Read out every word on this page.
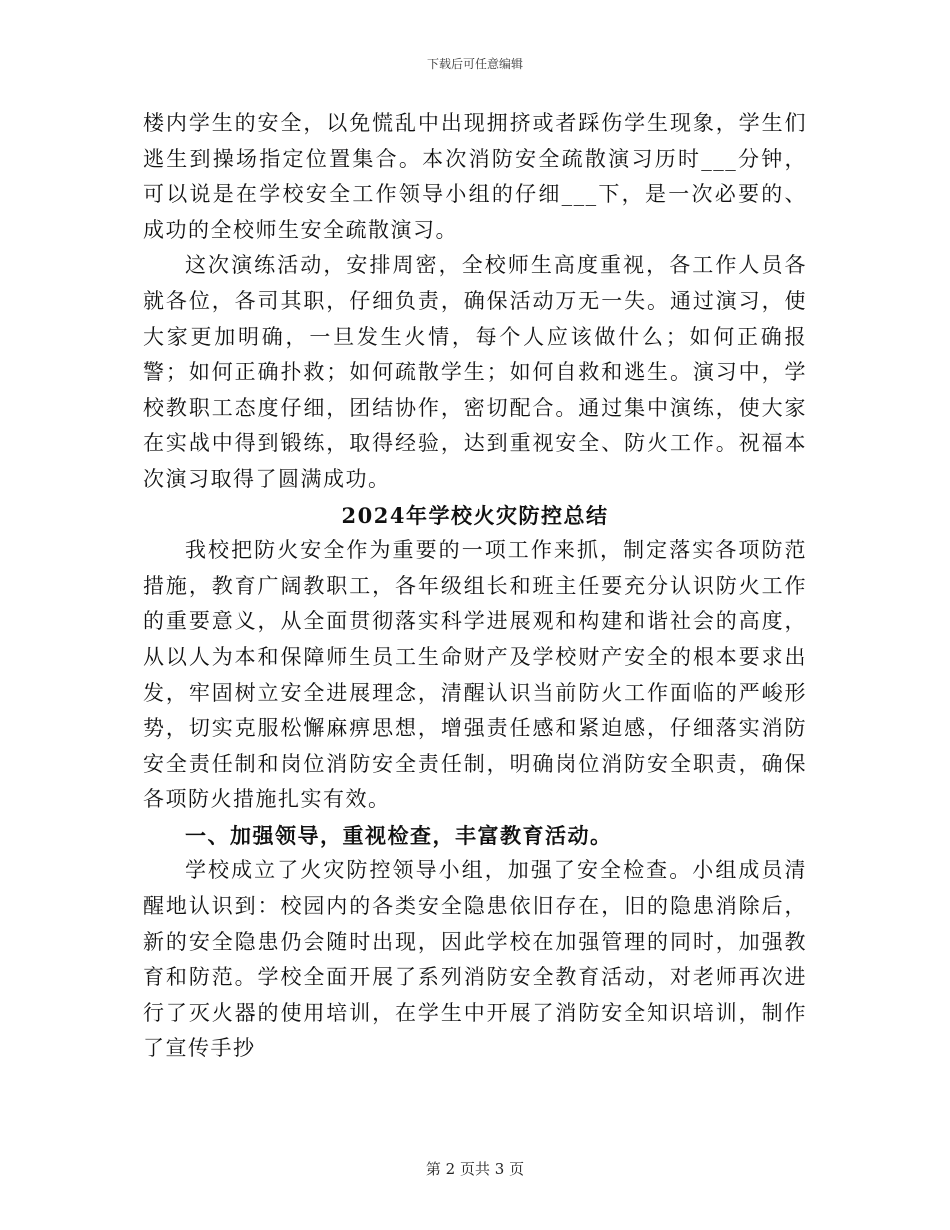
下载后可任意编辑

楼内学生的安全，以免慌乱中出现拥挤或者踩伤学生现象，学生们逃生到操场指定位置集合。本次消防安全疏散演习历时___分钟，可以说是在学校安全工作领导小组的仔细___下，是一次必要的、成功的全校师生安全疏散演习。

这次演练活动，安排周密，全校师生高度重视，各工作人员各就各位，各司其职，仔细负责，确保活动万无一失。通过演习，使大家更加明确，一旦发生火情，每个人应该做什么；如何正确报警；如何正确扑救；如何疏散学生；如何自救和逃生。演习中，学校教职工态度仔细，团结协作，密切配合。通过集中演练，使大家在实战中得到锻练，取得经验，达到重视安全、防火工作。祝福本次演习取得了圆满成功。

2024年学校火灾防控总结

我校把防火安全作为重要的一项工作来抓，制定落实各项防范措施，教育广阔教职工，各年级组长和班主任要充分认识防火工作的重要意义，从全面贯彻落实科学进展观和构建和谐社会的高度，从以人为本和保障师生员工生命财产及学校财产安全的根本要求出发，牢固树立安全进展理念，清醒认识当前防火工作面临的严峻形势，切实克服松懈麻痹思想，增强责任感和紧迫感，仔细落实消防安全责任制和岗位消防安全责任制，明确岗位消防安全职责，确保各项防火措施扎实有效。

一、加强领导，重视检查，丰富教育活动。

学校成立了火灾防控领导小组，加强了安全检查。小组成员清醒地认识到：校园内的各类安全隐患依旧存在，旧的隐患消除后，新的安全隐患仍会随时出现，因此学校在加强管理的同时，加强教育和防范。学校全面开展了系列消防安全教育活动，对老师再次进行了灭火器的使用培训，在学生中开展了消防安全知识培训，制作了宣传手抄

第 2 页共 3 页
